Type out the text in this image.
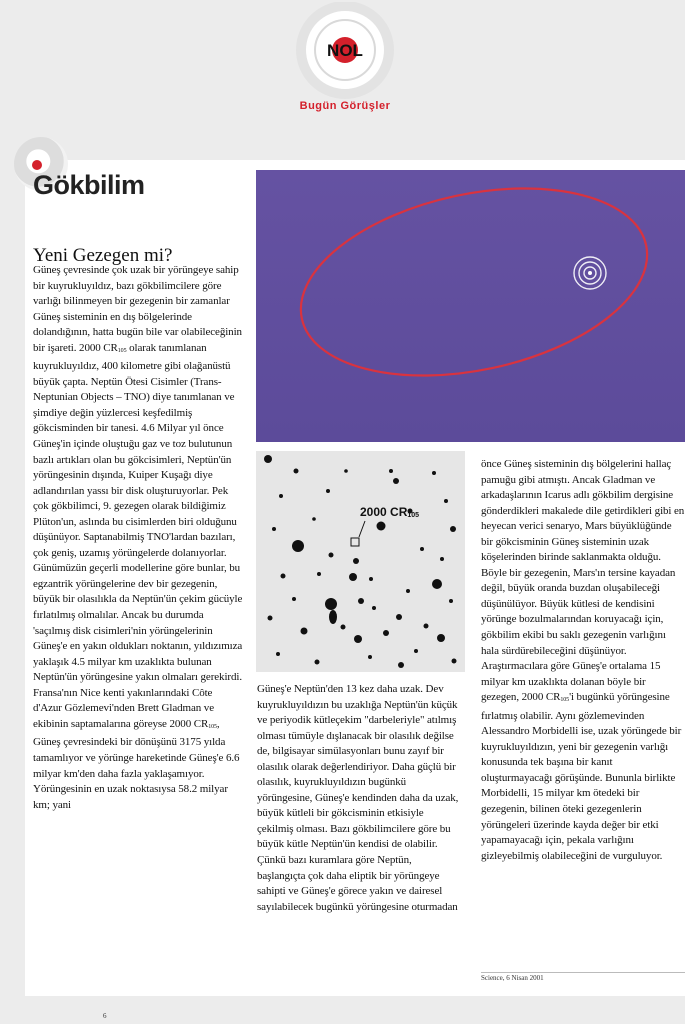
NOL
Bugün Görüşler
Gökbilim
Yeni Gezegen mi?

Güneş çevresinde çok uzak bir yörüngeye sahip bir kuyrukluyıldız, bazı gökbilimcilere göre varlığı bilinmeyen bir gezegenin bir zamanlar Güneş sisteminin en dış bölgelerinde dolandığının, hatta bugün bile var olabileceğinin bir işareti. 2000 $CR_{105}$ olarak tanımlanan kuyrukluyıldız, 400 kilometre gibi olağanüstü büyük çapta. Neptün Ötesi Cisimler (Trans-Neptunian Objects – TNO) diye tanımlanan ve şimdiye değin yüzlercesi keşfedilmiş gökcisminden bir tanesi. 4.6 Milyar yıl önce Güneş'in içinde oluştuğu gaz ve toz bulutunun bazlı artıkları olan bu gökcisimleri, Neptün'ün yörüngesinin dışında, Kuiper Kuşağı diye adlandırılan yassı bir disk oluşturuyorlar. Pek çok gökbilimci, 9. gezegen olarak bildiğimiz Plüton'un, aslında bu cisimlerden biri olduğunu düşünüyor. Saptanabilmiş TNO'lardan bazıları, çok geniş, uzamış yörüngelerde dolanıyorlar. Günümüzün geçerli modellerine göre bunlar, bu egzantrik yörüngelerine dev bir gezegenin, büyük bir olasılıkla da Neptün'ün çekim gücüyle fırlatılmış olmalılar. Ancak bu durumda 'saçılmış disk cisimleri'nin yörüngelerinin Güneş'e en yakın oldukları noktanın, yıldızımıza yaklaşık 4.5 milyar km uzaklıkta bulunan Neptün'ün yörüngesine yakın olmaları gerekirdi. Fransa'nın Nice kenti yakınlarındaki Côte d'Azur Gözlemevi'nden Brett Gladman ve ekibinin saptamalarına göreyse 2000 $CR_{105}$, Güneş çevresindeki bir dönüşünü 3175 yılda tamamlıyor ve yörünge hareketinde Güneş'e 6.6 milyar km'den daha fazla yaklaşamıyor. Yörüngesinin en uzak noktasıysa 58.2 milyar km; yani

2000 $CR_{105}$

Güneş'e Neptün'den 13 kez daha uzak. Dev kuyrukluyıldızın bu uzaklığa Neptün'ün küçük ve periyodik kütleçekim "darbeleriyle" atılmış olması tümüyle dışlanacak bir olasılık değilse de, bilgisayar simülasyonları bunu zayıf bir olasılık olarak değerlendiriyor. Daha güçlü bir olasılık, kuyrukluyıldızın bugünkü yörüngesine, Güneş'e kendinden daha da uzak, büyük kütleli bir gökcisminin etkisiyle çekilmiş olması. Bazı gökbilimcilere göre bu büyük kütle Neptün'ün kendisi de olabilir. Çünkü bazı kuramlara göre Neptün, başlangıçta çok daha eliptik bir yörüngeye sahipti ve Güneş'e görece yakın ve dairesel sayılabilecek bugünkü yörüngesine oturmadan

önce Güneş sisteminin dış bölgelerini hallaç pamuğu gibi atmıştı. Ancak Gladman ve arkadaşlarının Icarus adlı gökbilim dergisine gönderdikleri makalede dile getirdikleri gibi en heyecan verici senaryo, Mars büyüklüğünde bir gökcisminin Güneş sisteminin uzak köşelerinden birinde saklanmakta olduğu. Böyle bir gezegenin, Mars'ın tersine kayadan değil, büyük oranda buzdan oluşabileceği düşünülüyor. Büyük kütlesi de kendisini yörünge bozulmalarından koruyacağı için, gökbilim ekibi bu saklı gezegenin varlığını hala sürdürebileceğini düşünüyor. Araştırmacılara göre Güneş'e ortalama 15 milyar km uzaklıkta dolanan böyle bir gezegen, 2000 $CR_{105}'i$ bugünkü yörüngesine fırlatmış olabilir. Aynı gözlemevinden Alessandro Morbidelli ise, uzak yörüngede bir kuyrukluyıldızın, yeni bir gezegenin varlığı konusunda tek başına bir kanıt oluşturmayacağı görüşünde. Bununla birlikte Morbidelli, 15 milyar km ötedeki bir gezegenin, bilinen öteki gezegenlerin yörüngeleri üzerinde kayda değer bir etki yapamayacağı için, pekala varlığını gizleyebilmiş olabileceğini de vurguluyor.

Science, 6 Nisan 2001
6
